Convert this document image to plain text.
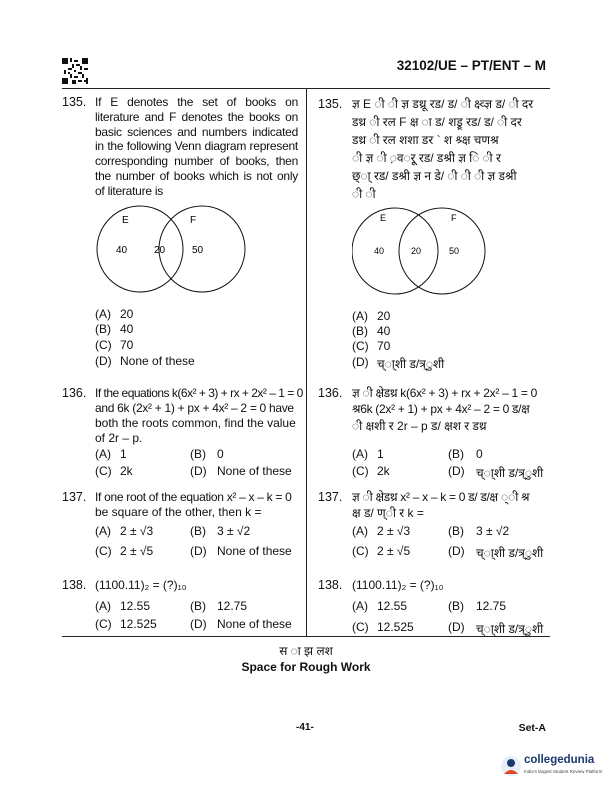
32102/UE – PT/ENT – M
135. If E denotes the set of books on literature and F denotes the books on basic sciences and numbers indicated in the following Venn diagram represent corresponding number of books, then the number of books which is not only of literature is
E	F
40	20	50
(A) 20
(B) 40
(C) 70
(D) None of these
136. If the equations k(6x² + 3) + rx + 2x² – 1 = 0
and 6k (2x² + 1) + px + 4x² – 2 = 0 have
both the roots common, find the value
of 2r – p.
(A) 1	(B) 0
(C) 2k	(D) None of these
137. If one root of the equation x² – x – k = 0
be square of the other, then k =
(A) 2 ± √3	(B) 3 ± √2
(C) 2 ± √5	(D) None of these
138. (1100.11)₂ = (?)₁₀
(A) 12.55	(B) 12.75
(C) 12.525	(D) None of these
135. ज्ञ E ी ी ज्ञ डथ्रू रड/ ड/ ी क्ष्व्ज्ञ ड/ ी दर
डथ्र ी रल F क्ष ा ड/ शड्रू रड/ ड/ ी दर
डथ्र ी रल शशा डर ` श श्र्क्ष चणश्र
ी ज्ञ ी ़वर्ू रड/ डश्री ज्ञ ि ी र
छ्ा् रड/ डश्री ज्ञ न डे/ ी ी ी ज्ञ डश्री
ी ी
E	F
40	20	50
(A) 20
(B) 40
(C) 70
(D) च्ा्शी ड/त्र्ुशी
136. ज्ञ ी क्षेडथ्र k(6x² + 3) + rx + 2x² – 1 = 0
श्र6k (2x² + 1) + px + 4x² – 2 = 0 ड/क्ष
ी क्षशी र 2r – p ड/ क्षश र डथ्र
(A) 1	(B) 0
(C) 2k	(D) च्ा्शी ड/त्र्ुशी
137. ज्ञ ी क्षेडथ्र x² – x – k = 0 ड/ ड/क्ष ्ी श्र
क्ष ड/ ण्ी र k =
(A) 2 ± √3	(B) 3 ± √2
(C) 2 ± √5	(D) च्ा्शी ड/त्र्ुशी
138. (1100.11)₂ = (?)₁₀
(A) 12.55	(B) 12.75
(C) 12.525	(D) च्ा्शी ड/त्र्ुशी
स ा झ लश
Space for Rough Work
-41-	Set-A
collegedunia
India's largest Student Review Platform
